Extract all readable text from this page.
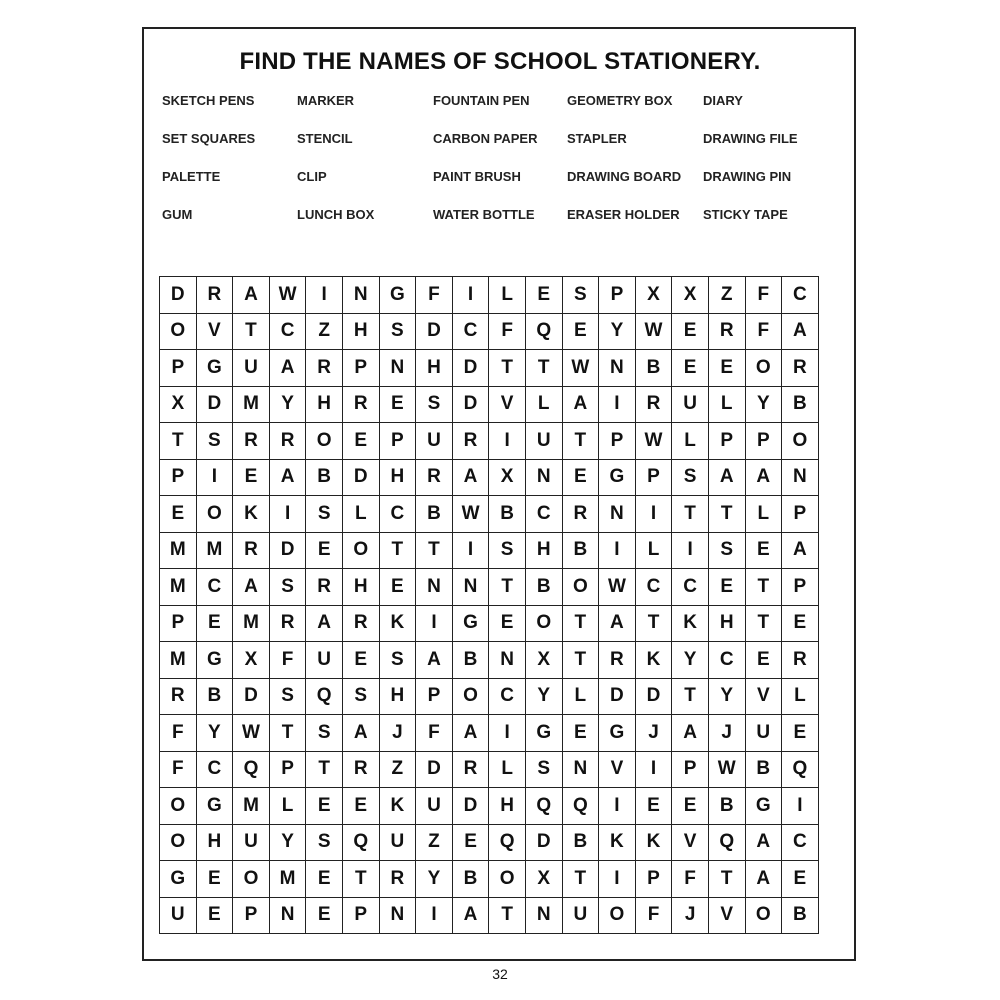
FIND THE NAMES OF SCHOOL STATIONERY.
SKETCH PENS	MARKER	FOUNTAIN PEN	GEOMETRY BOX	DIARY
SET SQUARES	STENCIL	CARBON PAPER	STAPLER	DRAWING FILE
PALETTE	CLIP	PAINT BRUSH	DRAWING BOARD	DRAWING PIN
GUM	LUNCH BOX	WATER BOTTLE	ERASER HOLDER	STICKY TAPE
D	R	A	W	I	N	G	F	I	L	E	S	P	X	X	Z	F	C
O	V	T	C	Z	H	S	D	C	F	Q	E	Y	W	E	R	F	A
P	G	U	A	R	P	N	H	D	T	T	W	N	B	E	E	O	R
X	D	M	Y	H	R	E	S	D	V	L	A	I	R	U	L	Y	B
T	S	R	R	O	E	P	U	R	I	U	T	P	W	L	P	P	O
P	I	E	A	B	D	H	R	A	X	N	E	G	P	S	A	A	N
E	O	K	I	S	L	C	B	W	B	C	R	N	I	T	T	L	P
M	M	R	D	E	O	T	T	I	S	H	B	I	L	I	S	E	A
M	C	A	S	R	H	E	N	N	T	B	O	W	C	C	E	T	P
P	E	M	R	A	R	K	I	G	E	O	T	A	T	K	H	T	E
M	G	X	F	U	E	S	A	B	N	X	T	R	K	Y	C	E	R
R	B	D	S	Q	S	H	P	O	C	Y	L	D	D	T	Y	V	L
F	Y	W	T	S	A	J	F	A	I	G	E	G	J	A	J	U	E
F	C	Q	P	T	R	Z	D	R	L	S	N	V	I	P	W	B	Q
O	G	M	L	E	E	K	U	D	H	Q	Q	I	E	E	B	G	I
O	H	U	Y	S	Q	U	Z	E	Q	D	B	K	K	V	Q	A	C
G	E	O	M	E	T	R	Y	B	O	X	T	I	P	F	T	A	E
U	E	P	N	E	P	N	I	A	T	N	U	O	F	J	V	O	B
32
